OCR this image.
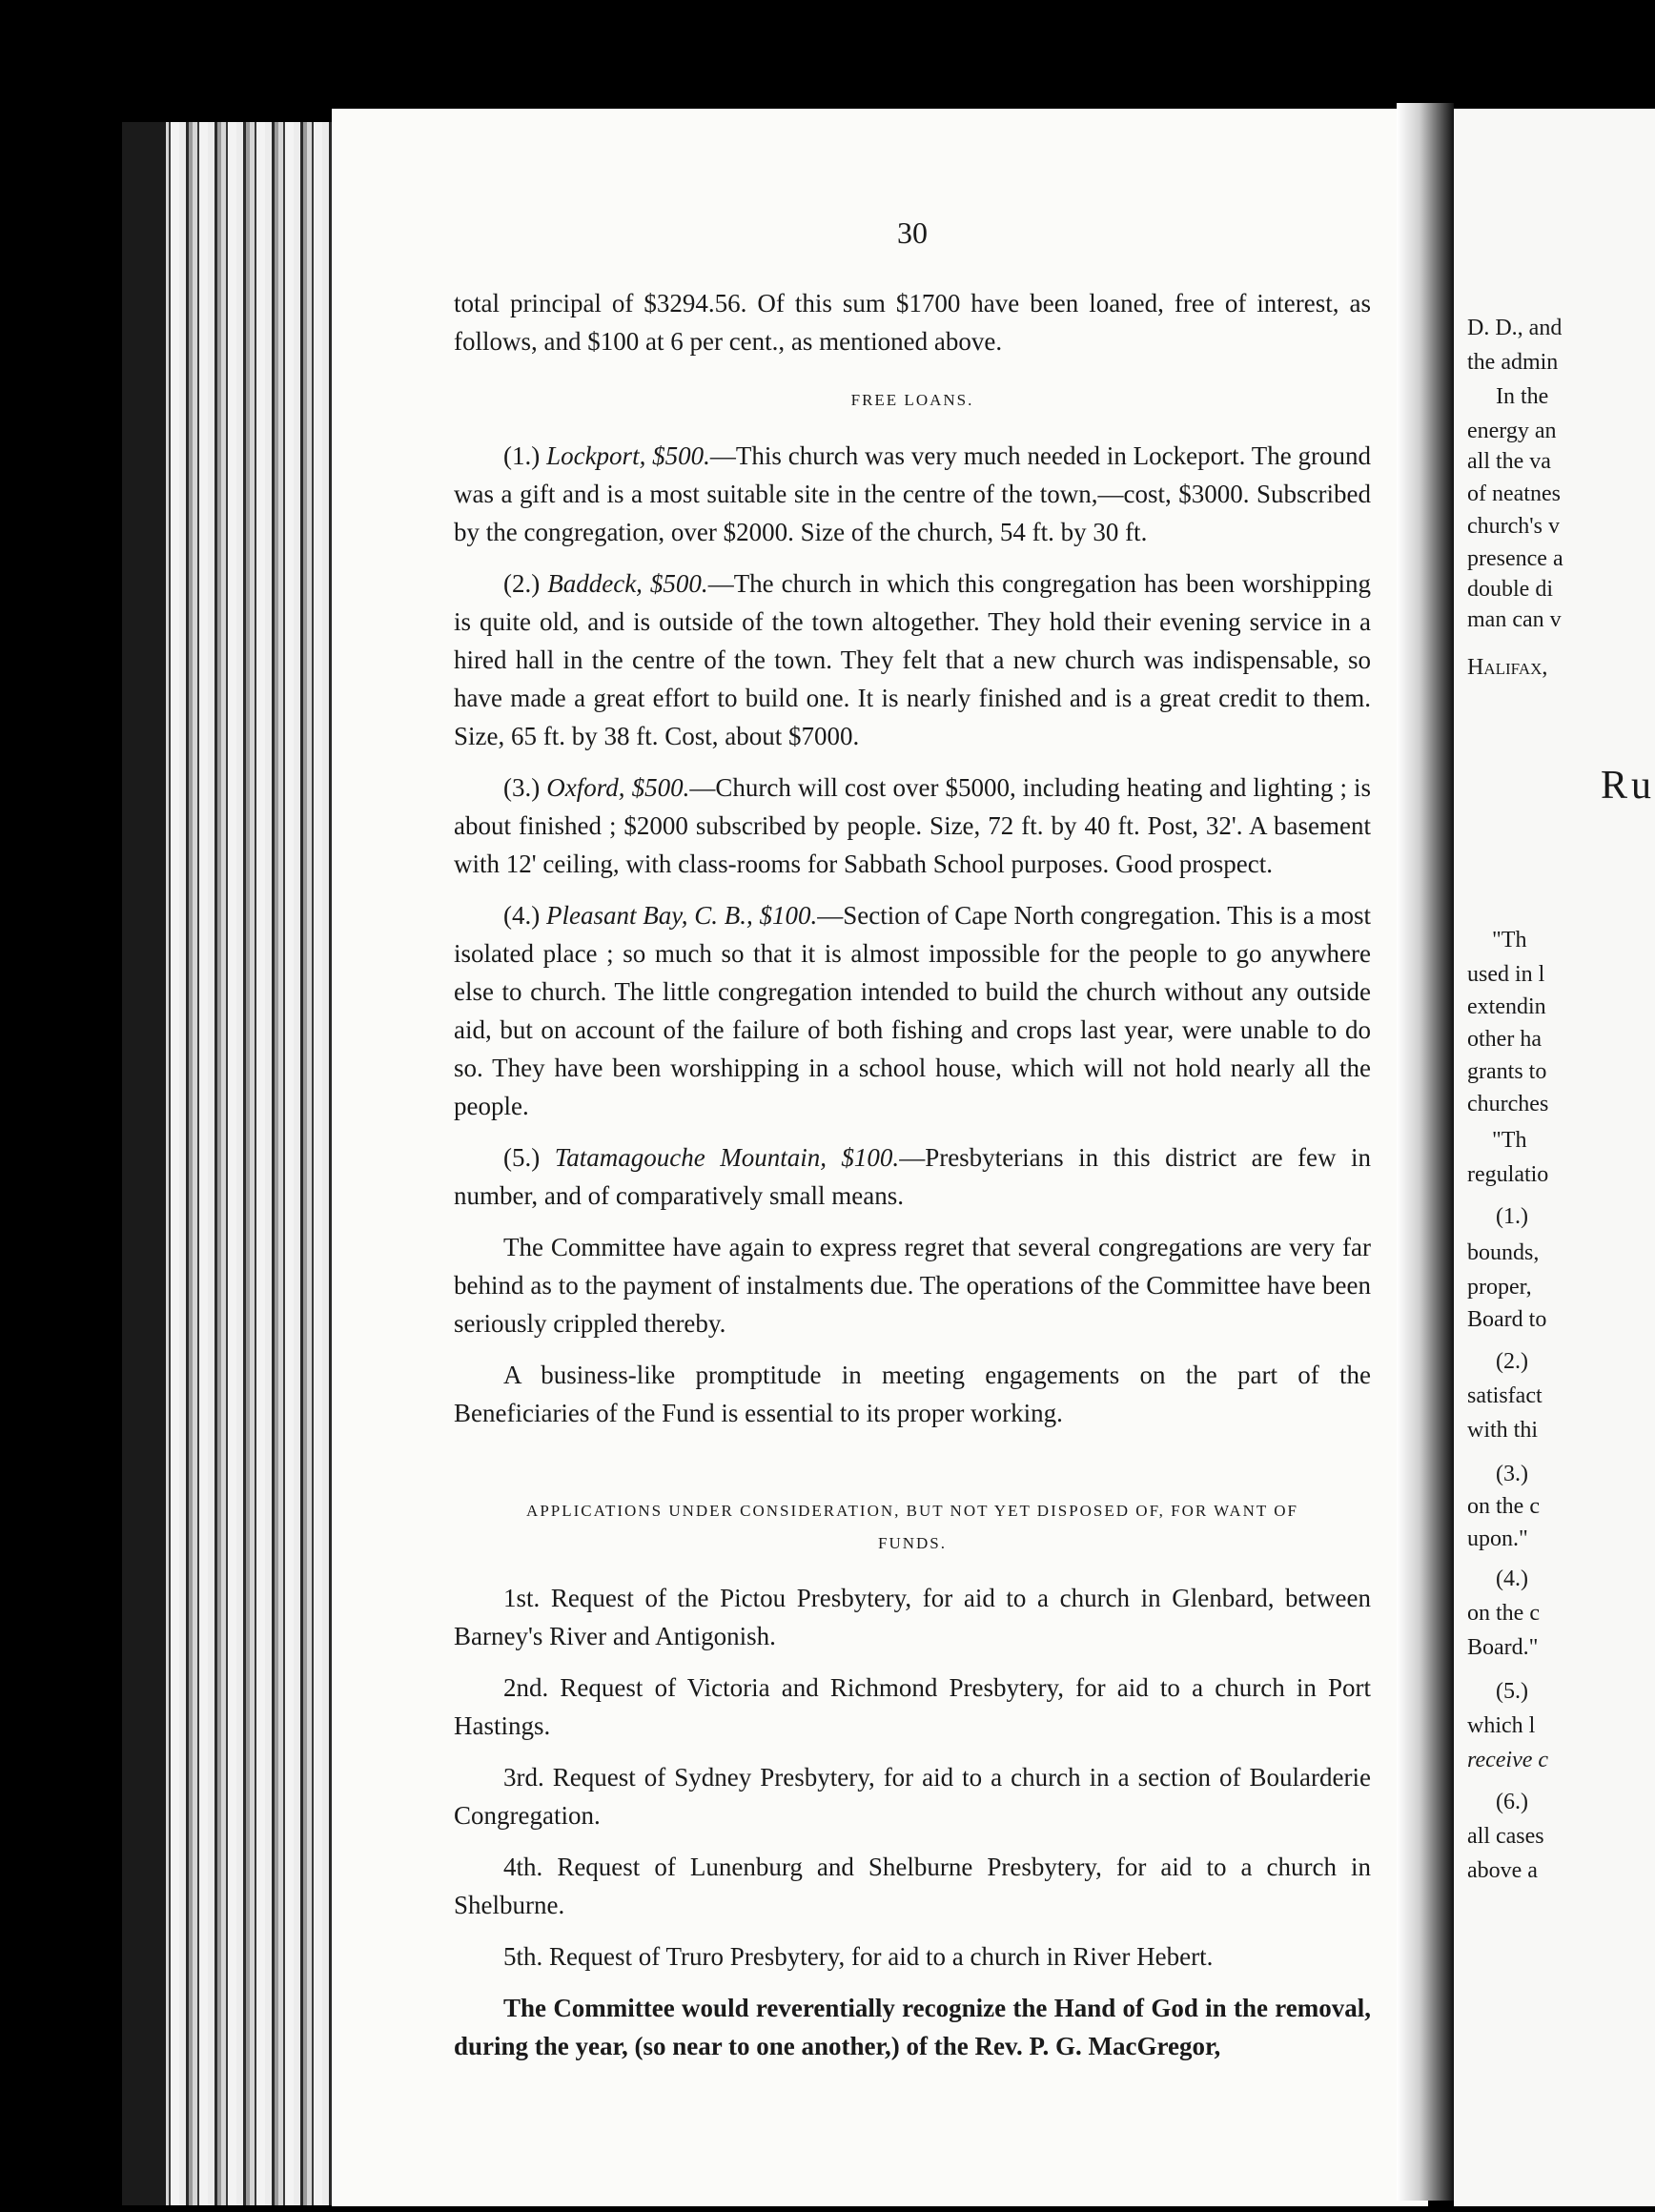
30

total principal of $3294.56. Of this sum $1700 have been loaned, free of interest, as follows, and $100 at 6 per cent., as mentioned above.

FREE LOANS.

(1.) Lockport, $500.—This church was very much needed in Lockeport. The ground was a gift and is a most suitable site in the centre of the town,—cost, $3000. Subscribed by the congregation, over $2000. Size of the church, 54 ft. by 30 ft.

(2.) Baddeck, $500.—The church in which this congregation has been worshipping is quite old, and is outside of the town altogether. They hold their evening service in a hired hall in the centre of the town. They felt that a new church was indispensable, so have made a great effort to build one. It is nearly finished and is a great credit to them. Size, 65 ft. by 38 ft. Cost, about $7000.

(3.) Oxford, $500.—Church will cost over $5000, including heating and lighting ; is about finished ; $2000 subscribed by people. Size, 72 ft. by 40 ft. Post, 32'. A basement with 12' ceiling, with class-rooms for Sabbath School purposes. Good prospect.

(4.) Pleasant Bay, C. B., $100.—Section of Cape North congregation. This is a most isolated place ; so much so that it is almost impossible for the people to go anywhere else to church. The little congregation intended to build the church without any outside aid, but on account of the failure of both fishing and crops last year, were unable to do so. They have been worshipping in a school house, which will not hold nearly all the people.

(5.) Tatamagouche Mountain, $100.—Presbyterians in this district are few in number, and of comparatively small means.

The Committee have again to express regret that several congregations are very far behind as to the payment of instalments due. The operations of the Committee have been seriously crippled thereby.

A business-like promptitude in meeting engagements on the part of the Beneficiaries of the Fund is essential to its proper working.

APPLICATIONS UNDER CONSIDERATION, BUT NOT YET DISPOSED OF, FOR WANT OF FUNDS.

1st. Request of the Pictou Presbytery, for aid to a church in Glenbard, between Barney's River and Antigonish.

2nd. Request of Victoria and Richmond Presbytery, for aid to a church in Port Hastings.

3rd. Request of Sydney Presbytery, for aid to a church in a section of Boularderie Congregation.

4th. Request of Lunenburg and Shelburne Presbytery, for aid to a church in Shelburne.

5th. Request of Truro Presbytery, for aid to a church in River Hebert.

The Committee would reverentially recognize the Hand of God in the removal, during the year, (so near to one another,) of the Rev. P. G. MacGregor,

D. D., and
the admin
In the
energy an
all the va
of neatnes
church's v
presence a
double di
man can v
Halifax,
Ru
"Th
used in l
extendin
other ha
grants to
churches
"Th
regulatio
(1.)
bounds,
proper,
Board to
(2.)
satisfact
with thi
(3.)
on the c
upon."
(4.)
on the c
Board."
(5.)
which l
receive c
(6.)
all cases
above a
